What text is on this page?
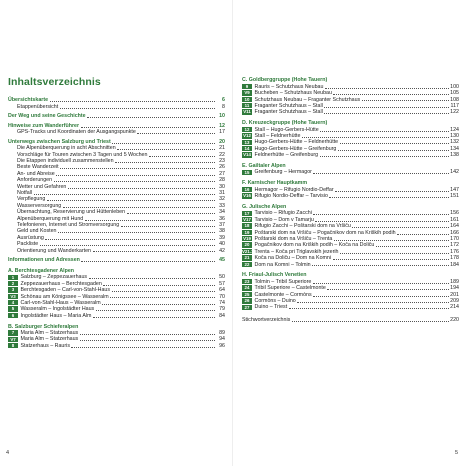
Inhaltsverzeichnis
Übersichtskarte	6
Etappenübersicht	8
Der Weg und seine Geschichte	10
Hinweise zum Wanderführer	12
GPS-Tracks und Koordinaten der Ausgangspunkte	17
Unterwegs zwischen Salzburg und Triest	20
Die Alpenüberquerung in acht Abschnitten	21
Vorschläge für Touren zwischen 3 Tagen und 5 Wochen	22
Die Etappen individuell zusammenstellen	23
Beste Wanderzeit	26
An- und Abreise	27
Anforderungen	28
Wetter und Gefahren	30
Notfall	31
Verpflegung	32
Wasserversorgung	33
Übernachtung, Reservierung und Hüttenleben	34
Alpenüberquerung mit Hund	36
Telefonieren, Internet und Stromversorgung	37
Geld und Kosten	38
Ausrüstung	39
Packliste	40
Orientierung und Wanderkarten	42
Informationen und Adressen	45
A. Berchtesgadener Alpen
1	Salzburg – Zeppezauerhaus	50
2	Zeppezauerhaus – Berchtesgaden	57
3	Berchtesgaden – Carl-von-Stahl-Haus	64
V3 Schönau am Königssee – Wasseralm	70
4	Carl-von-Stahl-Haus – Wasseralm	74
5	Wasseralm – Ingolstädter Haus	79
6	Ingolstädter Haus – Maria Alm	84
B. Salzburger Schieferalpen
7	Maria Alm – Statzerhaus	89
V7 Maria Alm – Statzerhaus	94
8	Statzerhaus – Rauris	96
4
C. Goldberggruppe (Hohe Tauern)
9	Rauris – Schutzhaus Neubau	100
V9 Bucheben – Schutzhaus Neubau	105
10 Schutzhaus Neubau – Fraganter Schutzhaus	108
11 Fraganter Schutzhaus – Stall	117
V11 Fraganter Schutzhaus – Stall	122
D. Kreuzeckgruppe (Hohe Tauern)
12 Stall – Hugo-Gerbers-Hütte	124
V12 Stall – Feldnerhütte	130
13 Hugo-Gerbers-Hütte – Feldnerhütte	132
14 Hugo-Gerbers-Hütte – Greifenburg	134
V14 Feldnerhütte – Greifenburg	138
E. Gailtaler Alpen
15 Greifenburg – Hermagor	142
F. Karnischer Hauptkamm
16 Hermagor – Rifugio Nordio-Deffar	147
V16 Rifugio Nordio-Deffar – Tarvisio	151
G. Julische Alpen
17 Tarvisio – Rifugio Zacchi	156
V17 Tarvisio – Dom v Tamarju	161
18 Rifugio Zacchi – Poštarski dom na Vršiču	164
19 Poštarski dom na Vršiču – Pogačnikov dom na Kriških podih	166
V19 Poštarski dom na Vršiču – Trenta	170
20 Pogačnikov dom na Kriških podih – Koča na Doliču	172
V21.1 Trenta – Koča pri Triglavskih jezerih	176
21 Koča na Doliču – Dom na Komni	178
22 Dom na Komni – Tolmin	184
H. Friaul-Julisch Venetien
23 Tolmin – Tribil Superiore	189
24 Tribil Superiore – Castelmonte	194
25 Castelmonte – Cormòns	201
26 Cormòns – Duino	209
27 Duino – Triest	214
Stichwortverzeichnis	220
5
